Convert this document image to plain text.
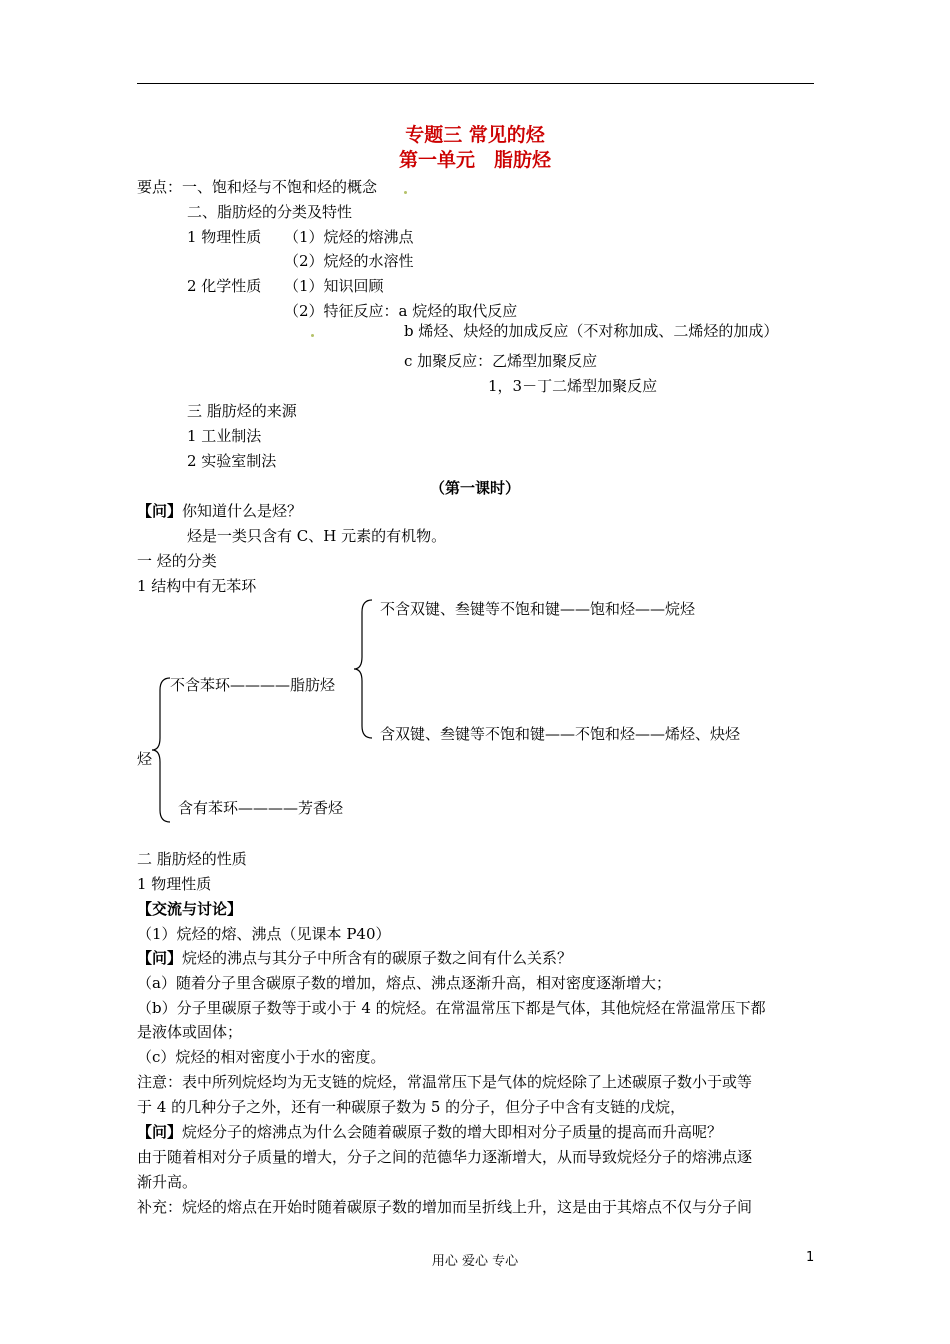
专题三 常见的烃
第一单元　脂肪烃
要点：一、饱和烃与不饱和烃的概念
二、脂肪烃的分类及特性
1 物理性质 （1）烷烃的熔沸点
（2）烷烃的水溶性
2 化学性质 （1）知识回顾
（2）特征反应：a 烷烃的取代反应
b 烯烃、炔烃的加成反应（不对称加成、二烯烃的加成）
c 加聚反应：乙烯型加聚反应
1，3－丁二烯型加聚反应
三 脂肪烃的来源
1 工业制法
2 实验室制法
（第一课时）
【问】你知道什么是烃？
烃是一类只含有 C、H 元素的有机物。
一 烃的分类
1 结构中有无苯环
烃
不含苯环————脂肪烃
含有苯环————芳香烃
不含双键、叁键等不饱和键——饱和烃——烷烃
含双键、叁键等不饱和键——不饱和烃——烯烃、炔烃
二 脂肪烃的性质
1 物理性质
【交流与讨论】
（1）烷烃的熔、沸点（见课本 P40）
【问】烷烃的沸点与其分子中所含有的碳原子数之间有什么关系？
（a）随着分子里含碳原子数的增加，熔点、沸点逐渐升高，相对密度逐渐增大；
（b）分子里碳原子数等于或小于 4 的烷烃。在常温常压下都是气体，其他烷烃在常温常压下都
是液体或固体；
（c）烷烃的相对密度小于水的密度。
注意：表中所列烷烃均为无支链的烷烃，常温常压下是气体的烷烃除了上述碳原子数小于或等
于 4 的几种分子之外，还有一种碳原子数为 5 的分子，但分子中含有支链的戊烷，
【问】烷烃分子的熔沸点为什么会随着碳原子数的增大即相对分子质量的提高而升高呢？
由于随着相对分子质量的增大，分子之间的范德华力逐渐增大，从而导致烷烃分子的熔沸点逐
渐升高。
补充：烷烃的熔点在开始时随着碳原子数的增加而呈折线上升，这是由于其熔点不仅与分子间
用心 爱心 专心	1
